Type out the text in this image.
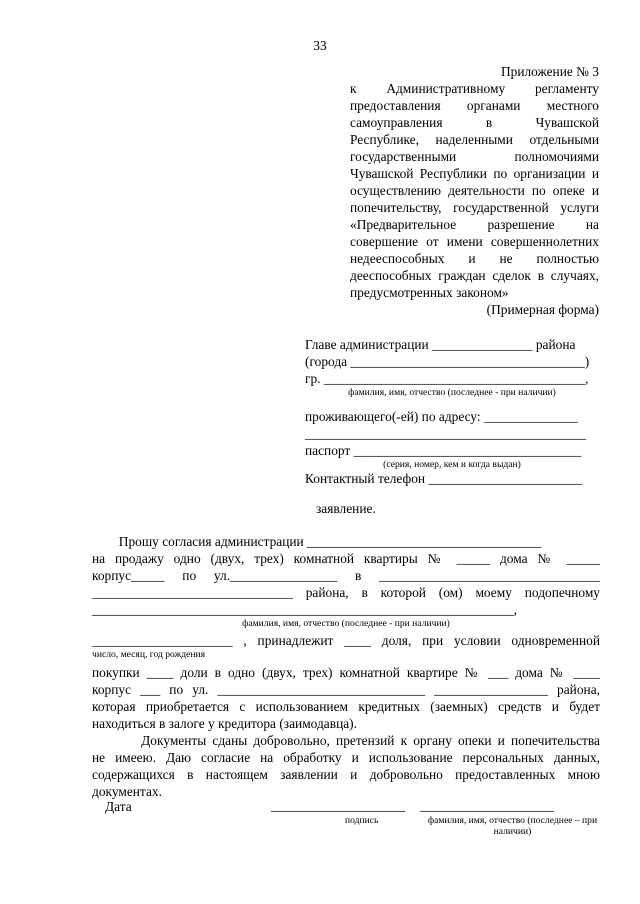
33
Приложение № 3
к Административному регламенту
предоставления органами местного
самоуправления в Чувашской
Республике, наделенными отдельными
государственными полномочиями
Чувашской Республики по организации и
осуществлению деятельности по опеке и
попечительству, государственной услуги
«Предварительное разрешение на
совершение от имени совершеннолетних
недееспособных и не полностью
дееспособных граждан сделок в случаях,
предусмотренных законом»
(Примерная форма)
Главе администрации _______________ района
(города ___________________________________)
гр. _______________________________________,
фамилия, имя, отчество (последнее - при наличии)
проживающего(-ей) по адресу: ______________
__________________________________________
паспорт __________________________________
(серия, номер, кем и когда выдан)
Контактный телефон _______________________
заявление.
Прошу согласия администрации ___________________________________
на продажу одно (двух, трех) комнатной квартиры № _____ дома № _____
корпус_____ по ул.________________ в _________________________________
______________________________ района, в которой (ом) моему подопечному
_______________________________________________________________,
фамилия, имя, отчество (последнее - при наличии)
_____________________ , принадлежит ____ доля, при условии одновременной
число, месяц, год рождения
покупки ____ доли в одно (двух, трех) комнатной квартире № ___ дома № ____
корпус ___ по ул. _______________________________ _________________ района,
которая приобретается с использованием кредитных (заемных) средств и будет
находиться в залоге у кредитора (заимодавца).
Документы сданы добровольно, претензий к органу опеки и попечительства
не имеею. Даю согласие на обработку и использование персональных данных,
содержащихся в настоящем заявлении и добровольно предоставленных мною
документах.
Дата	____________________ ____________________
подпись	фамилия, имя, отчество (последнее – при наличии)
